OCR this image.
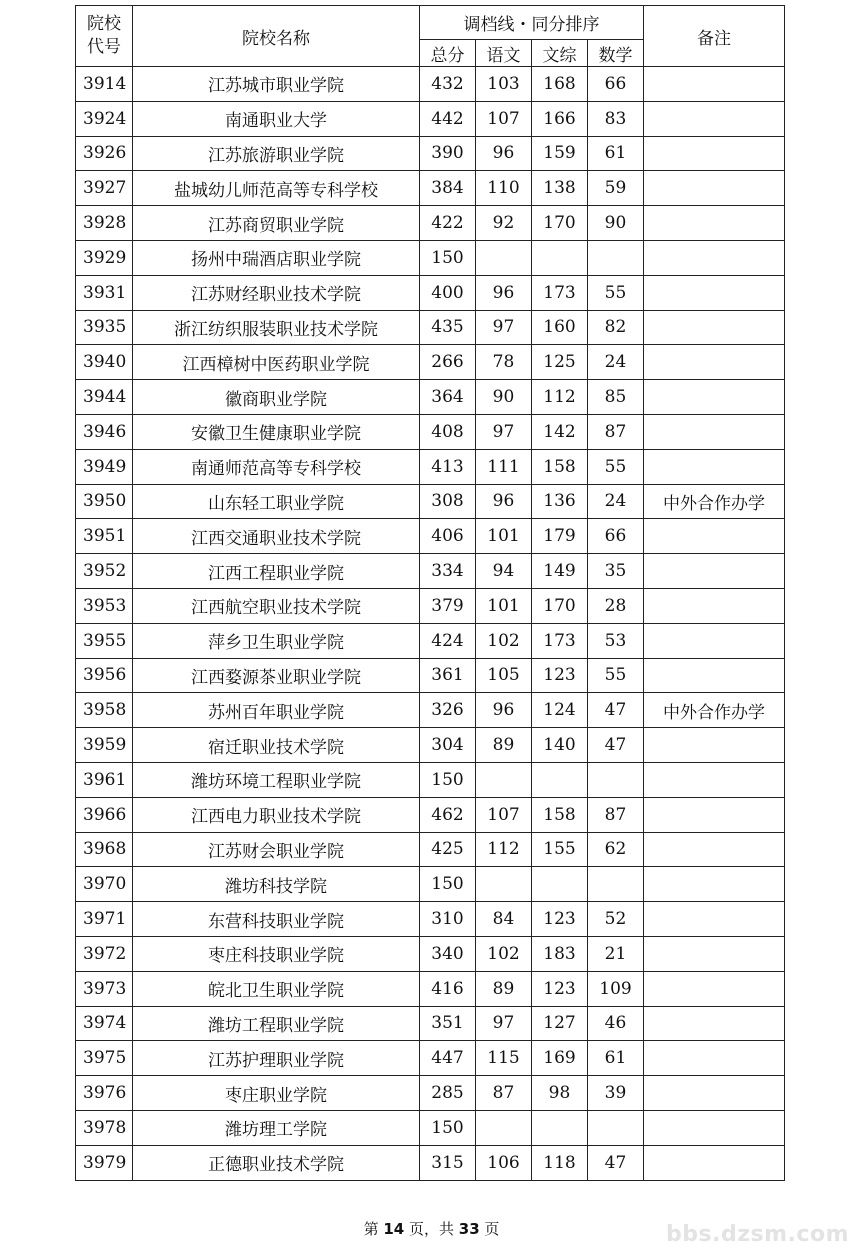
院校
代号	院校名称	调档线・同分排序				备注
		总分	语文	文综	数学	
3914	江苏城市职业学院	432	103	168	66	
3924	南通职业大学	442	107	166	83	
3926	江苏旅游职业学院	390	96	159	61	
3927	盐城幼儿师范高等专科学校	384	110	138	59	
3928	江苏商贸职业学院	422	92	170	90	
3929	扬州中瑞酒店职业学院	150				
3931	江苏财经职业技术学院	400	96	173	55	
3935	浙江纺织服装职业技术学院	435	97	160	82	
3940	江西樟树中医药职业学院	266	78	125	24	
3944	徽商职业学院	364	90	112	85	
3946	安徽卫生健康职业学院	408	97	142	87	
3949	南通师范高等专科学校	413	111	158	55	
3950	山东轻工职业学院	308	96	136	24	中外合作办学
3951	江西交通职业技术学院	406	101	179	66	
3952	江西工程职业学院	334	94	149	35	
3953	江西航空职业技术学院	379	101	170	28	
3955	萍乡卫生职业学院	424	102	173	53	
3956	江西婺源茶业职业学院	361	105	123	55	
3958	苏州百年职业学院	326	96	124	47	中外合作办学
3959	宿迁职业技术学院	304	89	140	47	
3961	潍坊环境工程职业学院	150				
3966	江西电力职业技术学院	462	107	158	87	
3968	江苏财会职业学院	425	112	155	62	
3970	潍坊科技学院	150				
3971	东营科技职业学院	310	84	123	52	
3972	枣庄科技职业学院	340	102	183	21	
3973	皖北卫生职业学院	416	89	123	109	
3974	潍坊工程职业学院	351	97	127	46	
3975	江苏护理职业学院	447	115	169	61	
3976	枣庄职业学院	285	87	98	39	
3978	潍坊理工学院	150				
3979	正德职业技术学院	315	106	118	47	
第 14 页，共 33 页	bbs.dzsm.com
